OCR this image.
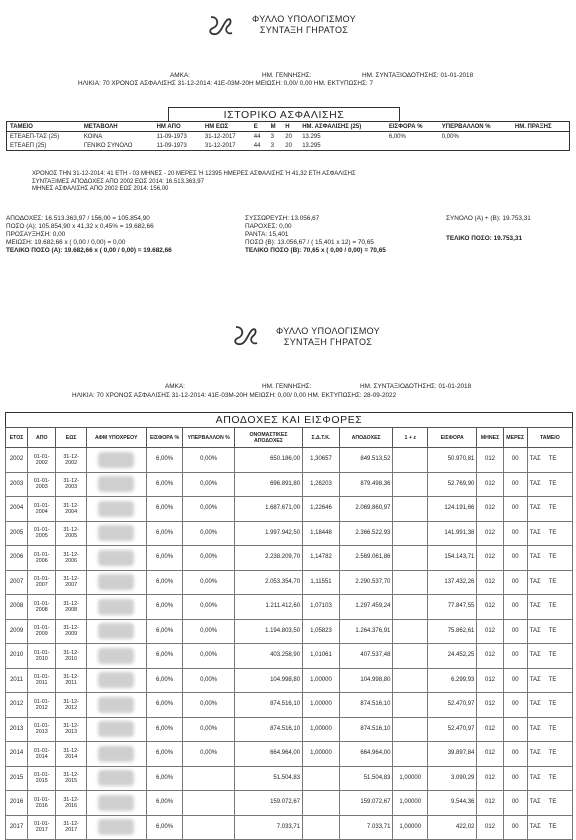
ΦΥΛΛΟ ΥΠΟΛΟΓΙΣΜΟΥ
ΣΥΝΤΑΞΗ ΓΗΡΑΤΟΣ
ΑΜΚΑ:	ΗΜ. ΓΕΝΝΗΣΗΣ:	ΗΜ. ΣΥΝΤΑΞΙΟΔΟΤΗΣΗΣ: 01-01-2018
ΗΛΙΚΙΑ: 70 ΧΡΟΝΟΣ ΑΣΦΑΛΙΣΗΣ 31-12-2014: 41Ε-03Μ-20Η ΜΕΙΩΣΗ: 0,00/ 0,00 ΗΜ. ΕΚΤΥΠΩΣΗΣ: 7
ΙΣΤΟΡΙΚΟ ΑΣΦΑΛΙΣΗΣ
ΤΑΜΕΙΟ	ΜΕΤΑΒΟΛΗ	ΗΜ ΑΠΟ	ΗΜ ΕΩΣ	Ε	Μ	Η	ΗΜ. ΑΣΦΑΛΙΣΗΣ (25)	ΕΙΣΦΟΡΑ %	ΥΠΕΡΒΑΛΛΟΝ %	ΗΜ. ΠΡΑΞΗΣ
ΕΤΕΑΕΠ-ΤΑΣ (25)	ΚΟΙΝΑ	11-09-1973	31-12-2017	44	3	20	13.295	6,00%	0,00%	
ΕΤΕΑΕΠ (25)	ΓΕΝΙΚΟ ΣΥΝΟΛΟ	11-09-1973	31-12-2017	44	3	20	13.295			
ΧΡΟΝΟΣ ΤΗΝ 31-12-2014: 41 ΕΤΗ - 03 ΜΗΝΕΣ - 20 ΜΕΡΕΣ Ή 12395 ΗΜΕΡΕΣ ΑΣΦΑΛΙΣΗΣ Ή 41,32 ΕΤΗ ΑΣΦΑΛΙΣΗΣ
ΣΥΝΤΑΞΙΜΕΣ ΑΠΟΔΟΧΕΣ ΑΠΟ 2002 ΕΩΣ 2014: 16.513.363,97
ΜΗΝΕΣ ΑΣΦΑΛΙΣΗΣ ΑΠΟ 2002 ΕΩΣ 2014: 156,00
ΑΠΟΔΟΧΕΣ: 16.513.363,97 / 156,00 = 105.854,90
ΠΟΣΟ (Α): 105.854,90 x 41,32 x 0,45% = 19.682,66
ΠΡΟΣΑΥΞΗΣΗ: 0,00
ΜΕΙΩΣΗ: 19.682,66 x ( 0,00 / 0,00) = 0,00
ΤΕΛΙΚΟ ΠΟΣΟ (Α): 19.682,66 x ( 0,00 / 0,00) = 19.682,66
ΣΥΣΣΩΡΕΥΣΗ: 13.056,67
ΠΑΡΟΧΕΣ: 0,00
ΡΑΝΤΑ: 15,401
ΠΟΣΟ (Β): 13.056,67 / ( 15,401 x 12) = 70,65
ΤΕΛΙΚΟ ΠΟΣΟ (Β): 70,65 x ( 0,00 / 0,00) = 70,65
ΣΥΝΟΛΟ (Α) + (Β): 19.753,31
ΤΕΛΙΚΟ ΠΟΣΟ: 19.753,31
ΦΥΛΛΟ ΥΠΟΛΟΓΙΣΜΟΥ
ΣΥΝΤΑΞΗ ΓΗΡΑΤΟΣ
ΑΜΚΑ:	ΗΜ. ΓΕΝΝΗΣΗΣ:	ΗΜ. ΣΥΝΤΑΞΙΟΔΟΤΗΣΗΣ: 01-01-2018
ΗΛΙΚΙΑ: 70 ΧΡΟΝΟΣ ΑΣΦΑΛΙΣΗΣ 31-12-2014: 41Ε-03Μ-20Η ΜΕΙΩΣΗ: 0,00/ 0,00 ΗΜ. ΕΚΤΥΠΩΣΗΣ: 28-09-2022
ΑΠΟΔΟΧΕΣ ΚΑΙ ΕΙΣΦΟΡΕΣ
ΕΤΟΣ	ΑΠΟ	ΕΩΣ	ΑΦΜ ΥΠΟΧΡΕΟΥ	ΕΙΣΦΟΡΑ %	ΥΠΕΡΒΑΛΛΟΝ %	ΟΝΟΜΑΣΤΙΚΕΣ ΑΠΟΔΟΧΕΣ	Σ.Δ.Τ.Κ.	ΑΠΟΔΟΧΕΣ	1 + z	ΕΙΣΦΟΡΑ	ΜΗΝΕΣ	ΜΕΡΕΣ	ΤΑΜΕΙΟ
2002	01-01-2002	31-12-2002		6,00%	0,00%	650.186,00	1,30657	849.513,52		50.970,81	012	00	ΤΑΣ ΤΕ
2003	01-01-2003	31-12-2003		6,00%	0,00%	696.891,80	1,26203	879.498,36		52.769,90	012	00	ΤΑΣ ΤΕ
2004	01-01-2004	31-12-2004		6,00%	0,00%	1.687.671,00	1,22646	2.069.860,97		124.191,66	012	00	ΤΑΣ ΤΕ
2005	01-01-2005	31-12-2005		6,00%	0,00%	1.997.942,50	1,18448	2.366.522,93		141.991,38	012	00	ΤΑΣ ΤΕ
2006	01-01-2006	31-12-2006		6,00%	0,00%	2.238.209,70	1,14782	2.569.061,86		154.143,71	012	00	ΤΑΣ ΤΕ
2007	01-01-2007	31-12-2007		6,00%	0,00%	2.053.354,70	1,11551	2.290.537,70		137.432,26	012	00	ΤΑΣ ΤΕ
2008	01-01-2008	31-12-2008		6,00%	0,00%	1.211.412,60	1,07103	1.297.459,24		77.847,55	012	00	ΤΑΣ ΤΕ
2009	01-01-2009	31-12-2009		6,00%	0,00%	1.194.803,50	1,05823	1.264.376,91		75.862,61	012	00	ΤΑΣ ΤΕ
2010	01-01-2010	31-12-2010		6,00%	0,00%	403.258,90	1,01061	407.537,48		24.452,25	012	00	ΤΑΣ ΤΕ
2011	01-01-2011	31-12-2011		6,00%	0,00%	104.998,80	1,00000	104.998,80		6.299,93	012	00	ΤΑΣ ΤΕ
2012	01-01-2012	31-12-2012		6,00%	0,00%	874.516,10	1,00000	874.516,10		52.470,97	012	00	ΤΑΣ ΤΕ
2013	01-01-2013	31-12-2013		6,00%	0,00%	874.516,10	1,00000	874.516,10		52.470,97	012	00	ΤΑΣ ΤΕ
2014	01-01-2014	31-12-2014		6,00%	0,00%	664.964,00	1,00000	664.964,00		39.897,84	012	00	ΤΑΣ ΤΕ
2015	01-01-2015	31-12-2015		6,00%		51.504,83		51.504,83	1,00000	3.090,29	012	00	ΤΑΣ ΤΕ
2016	01-01-2016	31-12-2016		6,00%		159.072,67		159.072,67	1,00000	9.544,36	012	00	ΤΑΣ ΤΕ
2017	01-01-2017	31-12-2017		6,00%		7.033,71		7.033,71	1,00000	422,02	012	00	ΤΑΣ ΤΕ
